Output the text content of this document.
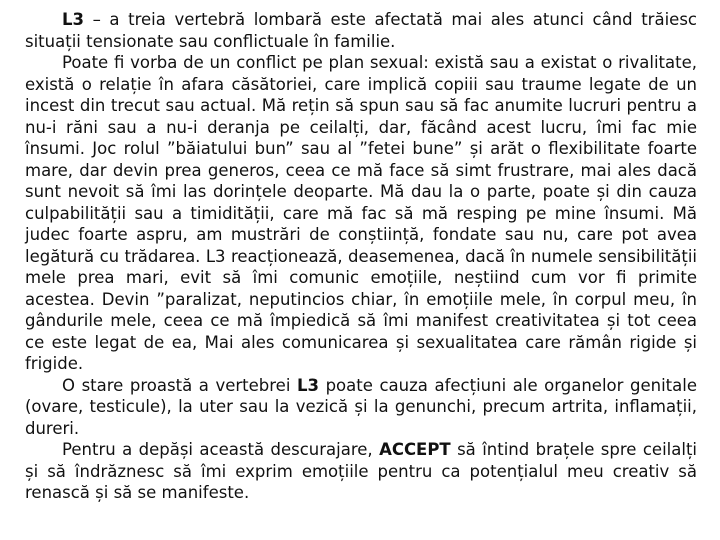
L3 – a treia vertebră lombară este afectată mai ales atunci când trăiesc situații tensionate sau conflictuale în familie.

Poate fi vorba de un conflict pe plan sexual: există sau a existat o rivalitate, există o relație în afara căsătoriei, care implică copiii sau traume legate de un incest din trecut sau actual. Mă rețin să spun sau să fac anumite lucruri pentru a nu-i răni sau a nu-i deranja pe ceilalți, dar, făcând acest lucru, îmi fac mie însumi. Joc rolul ”băiatului bun” sau al ”fetei bune” și arăt o flexibilitate foarte mare, dar devin prea generos, ceea ce mă face să simt frustrare, mai ales dacă sunt nevoit să îmi las dorințele deoparte. Mă dau la o parte, poate și din cauza culpabilității sau a timidității, care mă fac să mă resping pe mine însumi. Mă judec foarte aspru, am mustrări de conștiință, fondate sau nu, care pot avea legătură cu trădarea. L3 reacționează, deasemenea, dacă în numele sensibilității mele prea mari, evit să îmi comunic emoțiile, neștiind cum vor fi primite acestea. Devin ”paralizat, neputincios chiar, în emoțiile mele, în corpul meu, în gândurile mele, ceea ce mă împiedică să îmi manifest creativitatea și tot ceea ce este legat de ea, Mai ales comunicarea și sexualitatea care rămân rigide și frigide.

O stare proastă a vertebrei L3 poate cauza afecțiuni ale organelor genitale (ovare, testicule), la uter sau la vezică și la genunchi, precum artrita, inflamații, dureri.

Pentru a depăși această descurajare, ACCEPT să întind brațele spre ceilalți și să îndrăznesc să îmi exprim emoțiile pentru ca potențialul meu creativ să renască și să se manifeste.
